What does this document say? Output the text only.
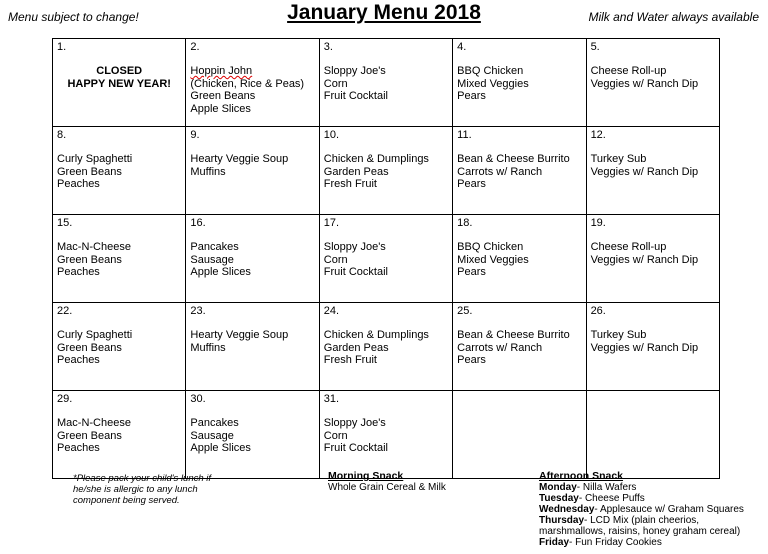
Menu subject to change!	January Menu 2018	Milk and Water always available
1.
CLOSED
HAPPY NEW YEAR!	2.
Hoppin John
(Chicken, Rice & Peas)
Green Beans
Apple Slices	3.
Sloppy Joe's
Corn
Fruit Cocktail	4.
BBQ Chicken
Mixed Veggies
Pears	5.
Cheese Roll-up
Veggies w/ Ranch Dip

8.
Curly Spaghetti
Green Beans
Peaches	9.
Hearty Veggie Soup
Muffins	10.
Chicken & Dumplings
Garden Peas
Fresh Fruit	11.
Bean & Cheese Burrito
Carrots w/ Ranch
Pears	12.
Turkey Sub
Veggies w/ Ranch Dip

15.
Mac-N-Cheese
Green Beans
Peaches	16.
Pancakes
Sausage
Apple Slices	17.
Sloppy Joe's
Corn
Fruit Cocktail	18.
BBQ Chicken
Mixed Veggies
Pears	19.
Cheese Roll-up
Veggies w/ Ranch Dip

22.
Curly Spaghetti
Green Beans
Peaches	23.
Hearty Veggie Soup
Muffins	24.
Chicken & Dumplings
Garden Peas
Fresh Fruit	25.
Bean & Cheese Burrito
Carrots w/ Ranch
Pears	26.
Turkey Sub
Veggies w/ Ranch Dip

29.
Mac-N-Cheese
Green Beans
Peaches	30.
Pancakes
Sausage
Apple Slices	31.
Sloppy Joe's
Corn
Fruit Cocktail		

*Please pack your child's lunch if he/she is allergic to any lunch component being served.
Morning Snack
Whole Grain Cereal & Milk
Afternoon Snack
Monday- Nilla Wafers
Tuesday- Cheese Puffs
Wednesday- Applesauce w/ Graham Squares
Thursday- LCD Mix (plain cheerios, marshmallows, raisins, honey graham cereal)
Friday- Fun Friday Cookies
